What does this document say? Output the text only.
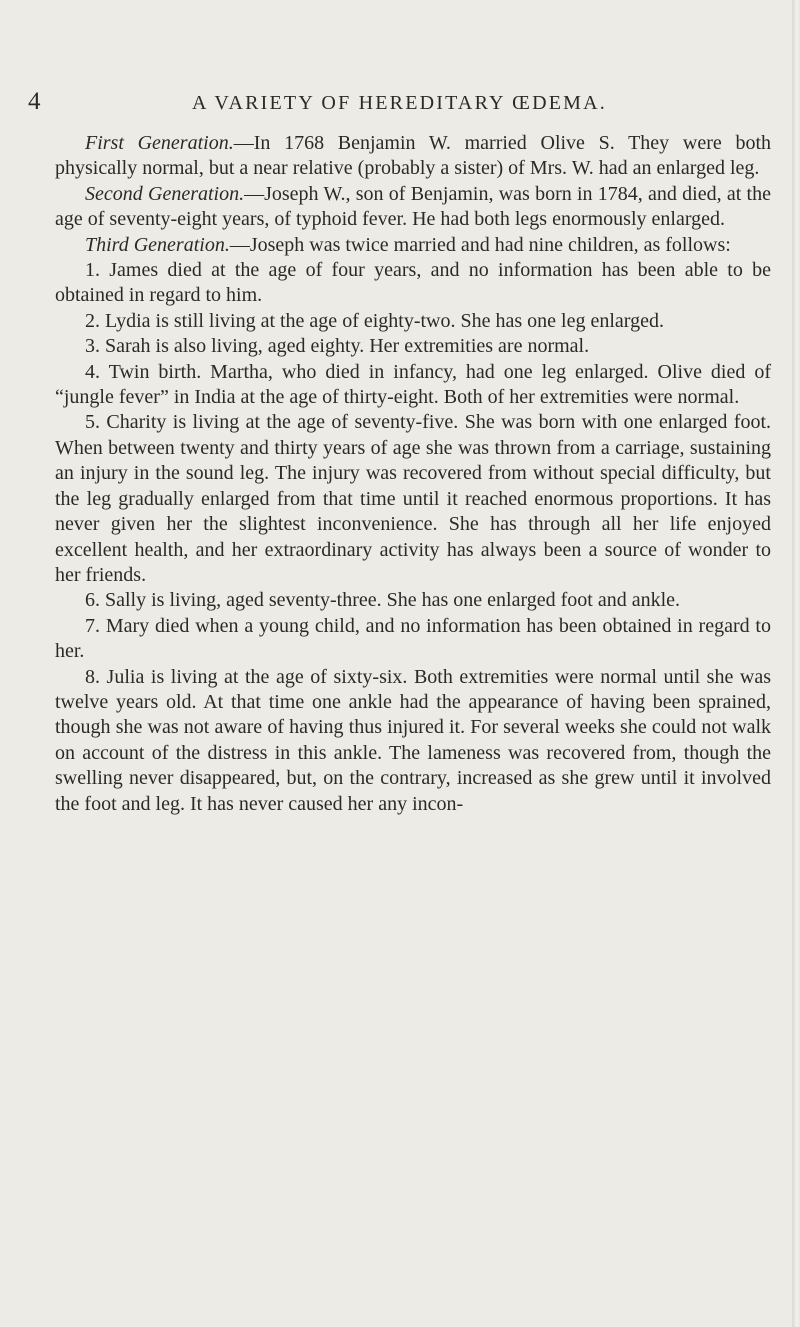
4	A VARIETY OF HEREDITARY ŒDEMA.

First Generation.—In 1768 Benjamin W. married Olive S. They were both physically normal, but a near relative (probably a sister) of Mrs. W. had an enlarged leg.

Second Generation.—Joseph W., son of Benjamin, was born in 1784, and died, at the age of seventy-eight years, of typhoid fever. He had both legs enormously enlarged.

Third Generation.—Joseph was twice married and had nine children, as follows:

1. James died at the age of four years, and no information has been able to be obtained in regard to him.

2. Lydia is still living at the age of eighty-two. She has one leg enlarged.

3. Sarah is also living, aged eighty. Her extremities are normal.

4. Twin birth. Martha, who died in infancy, had one leg enlarged. Olive died of “jungle fever” in India at the age of thirty-eight. Both of her extremities were normal.

5. Charity is living at the age of seventy-five. She was born with one enlarged foot. When between twenty and thirty years of age she was thrown from a carriage, sustaining an injury in the sound leg. The injury was recovered from without special difficulty, but the leg gradually enlarged from that time until it reached enormous proportions. It has never given her the slightest inconvenience. She has through all her life enjoyed excellent health, and her extraordinary activity has always been a source of wonder to her friends.

6. Sally is living, aged seventy-three. She has one enlarged foot and ankle.

7. Mary died when a young child, and no information has been obtained in regard to her.

8. Julia is living at the age of sixty-six. Both extremities were normal until she was twelve years old. At that time one ankle had the appearance of having been sprained, though she was not aware of having thus injured it. For several weeks she could not walk on account of the distress in this ankle. The lameness was recovered from, though the swelling never disappeared, but, on the contrary, increased as she grew until it involved the foot and leg. It has never caused her any incon-
